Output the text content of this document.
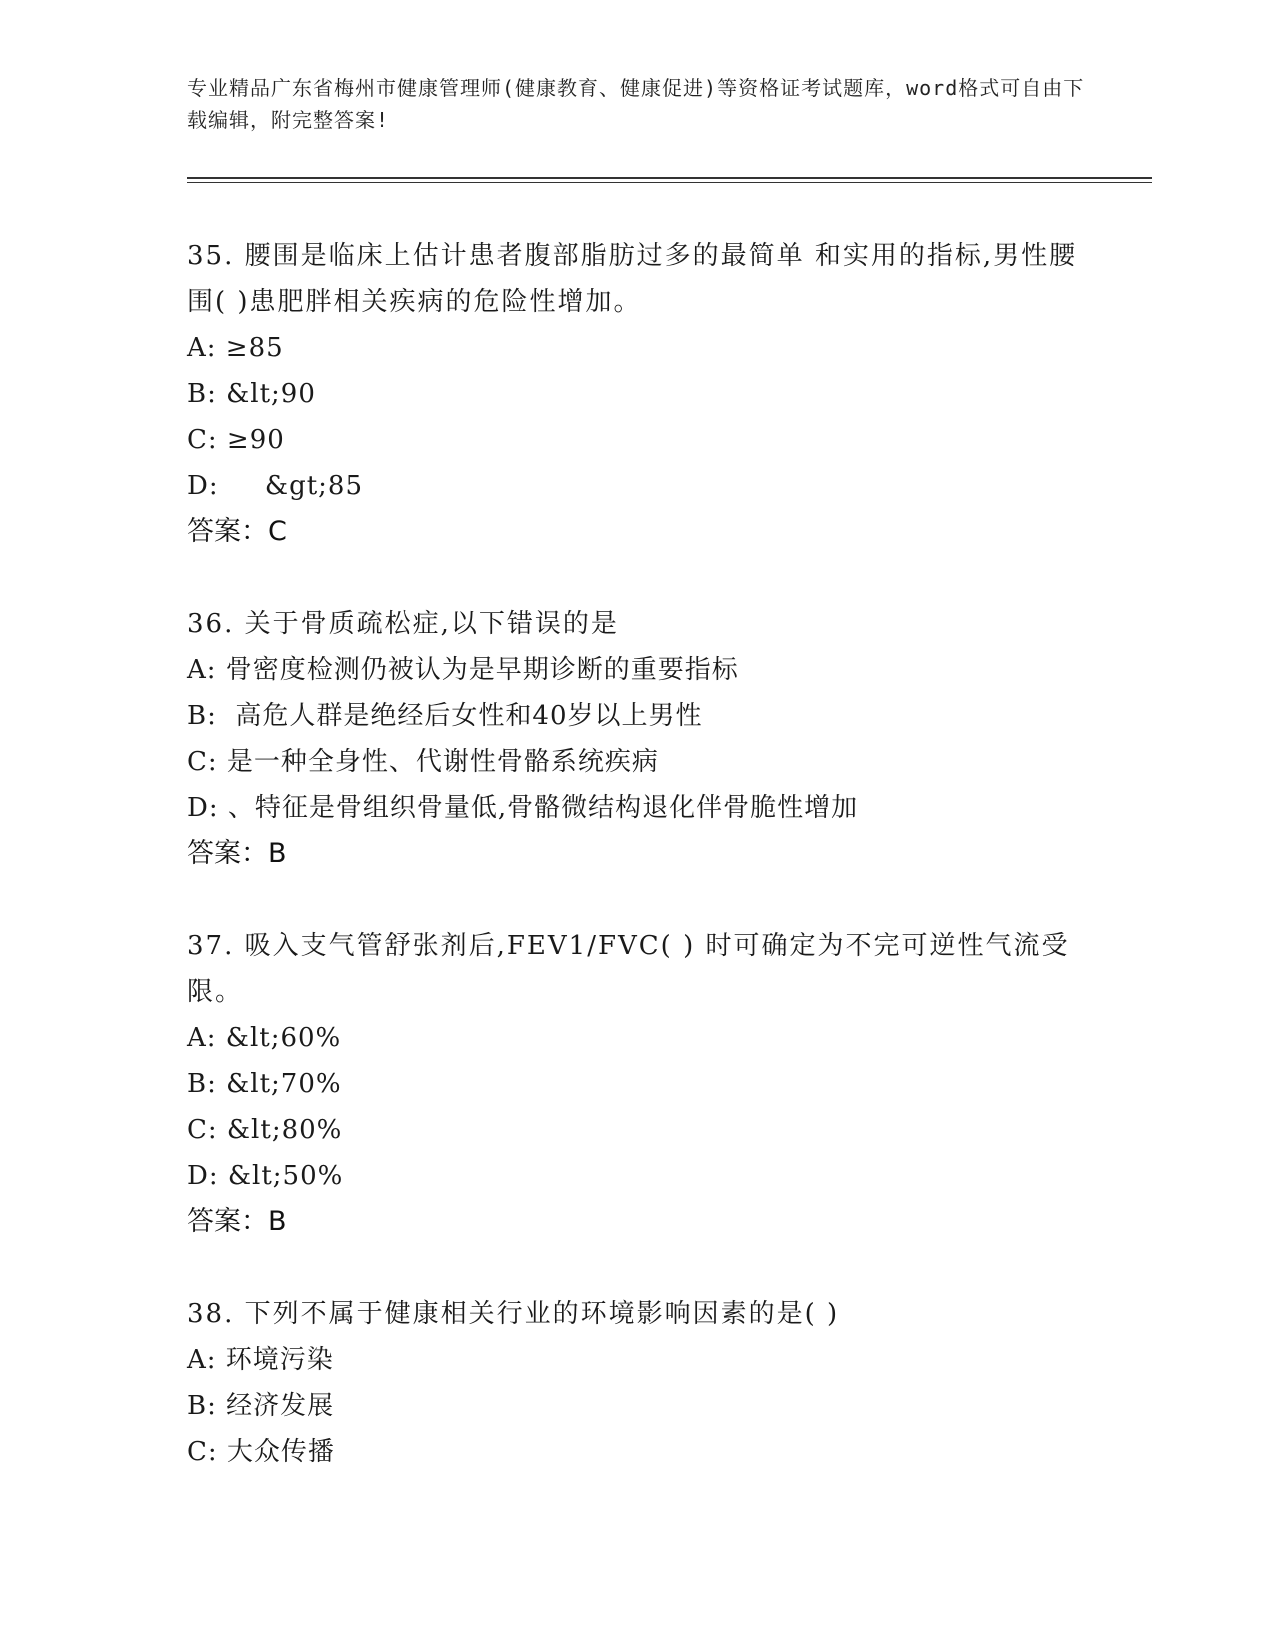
专业精品广东省梅州市健康管理师(健康教育、健康促进)等资格证考试题库，word格式可自由下载编辑，附完整答案!
35. 腰围是临床上估计患者腹部脂肪过多的最简单 和实用的指标,男性腰围( )患肥胖相关疾病的危险性增加。
A: ≥85
B: &lt;90
C: ≥90
D:     &gt;85
答案：C
36. 关于骨质疏松症,以下错误的是
A: 骨密度检测仍被认为是早期诊断的重要指标
B:  高危人群是绝经后女性和40岁以上男性
C: 是一种全身性、代谢性骨骼系统疾病
D: 、特征是骨组织骨量低,骨骼微结构退化伴骨脆性增加
答案：B
37. 吸入支气管舒张剂后,FEV1/FVC( ) 时可确定为不完可逆性气流受限。
A: &lt;60%
B: &lt;70%
C: &lt;80%
D: &lt;50%
答案：B
38. 下列不属于健康相关行业的环境影响因素的是( )
A: 环境污染
B: 经济发展
C: 大众传播
